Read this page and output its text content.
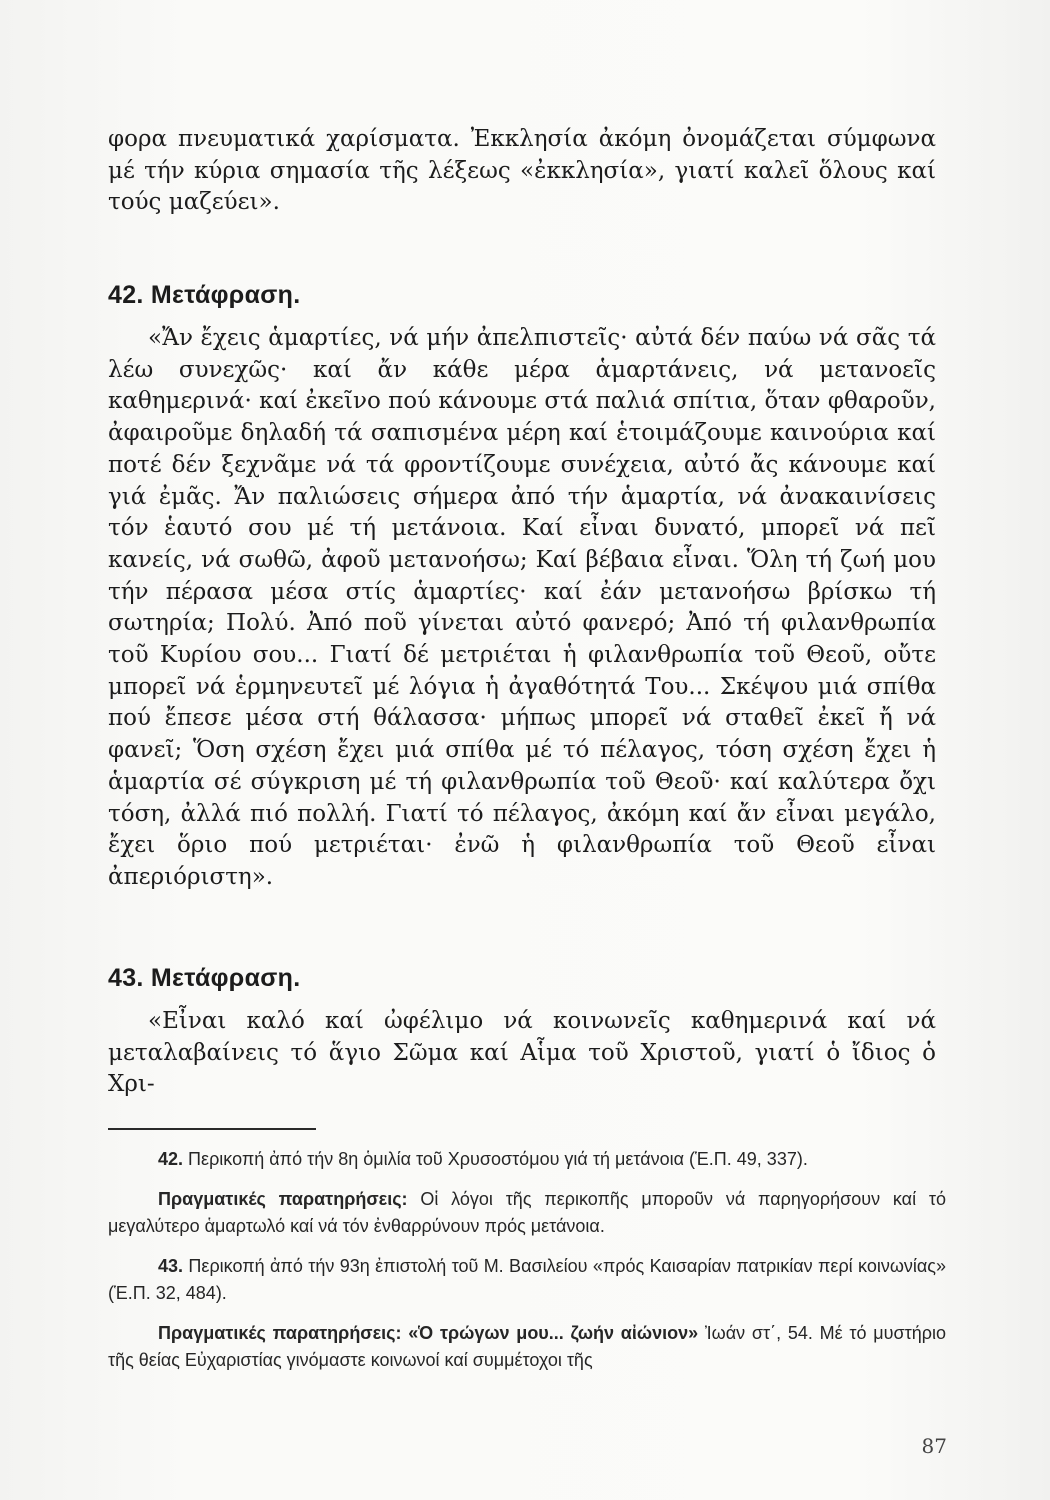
φορα πνευματικά χαρίσματα. Ἐκκλησία ἀκόμη ὀνομάζεται σύμφωνα μέ τήν κύρια σημασία τῆς λέξεως «ἐκκλησία», γιατί καλεῖ ὅλους καί τούς μαζεύει».

42. Μετάφραση.

«Ἄν ἔχεις ἁμαρτίες, νά μήν ἀπελπιστεῖς· αὐτά δέν παύω νά σᾶς τά λέω συνεχῶς· καί ἄν κάθε μέρα ἁμαρτάνεις, νά μετανοεῖς καθημερινά· καί ἐκεῖνο πού κάνουμε στά παλιά σπίτια, ὅταν φθαροῦν, ἀφαιροῦμε δηλαδή τά σαπισμένα μέρη καί ἑτοιμάζουμε καινούρια καί ποτέ δέν ξεχνᾶμε νά τά φροντίζουμε συνέχεια, αὐτό ἄς κάνουμε καί γιά ἐμᾶς. Ἄν παλιώσεις σήμερα ἀπό τήν ἁμαρτία, νά ἀνακαινίσεις τόν ἑαυτό σου μέ τή μετάνοια. Καί εἶναι δυνατό, μπορεῖ νά πεῖ κανείς, νά σωθῶ, ἀφοῦ μετανοήσω; Καί βέβαια εἶναι. Ὅλη τή ζωή μου τήν πέρασα μέσα στίς ἁμαρτίες· καί ἐάν μετανοήσω βρίσκω τή σωτηρία; Πολύ. Ἀπό ποῦ γίνεται αὐτό φανερό; Ἀπό τή φιλανθρωπία τοῦ Κυρίου σου... Γιατί δέ μετριέται ἡ φιλανθρωπία τοῦ Θεοῦ, οὔτε μπορεῖ νά ἑρμηνευτεῖ μέ λόγια ἡ ἀγαθότητά Του... Σκέψου μιά σπίθα πού ἔπεσε μέσα στή θάλασσα· μήπως μπορεῖ νά σταθεῖ ἐκεῖ ἤ νά φανεῖ; Ὅση σχέση ἔχει μιά σπίθα μέ τό πέλαγος, τόση σχέση ἔχει ἡ ἁμαρτία σέ σύγκριση μέ τή φιλανθρωπία τοῦ Θεοῦ· καί καλύτερα ὄχι τόση, ἀλλά πιό πολλή. Γιατί τό πέλαγος, ἀκόμη καί ἄν εἶναι μεγάλο, ἔχει ὅριο πού μετριέται· ἐνῶ ἡ φιλανθρωπία τοῦ Θεοῦ εἶναι ἀπεριόριστη».

43. Μετάφραση.

«Εἶναι καλό καί ὠφέλιμο νά κοινωνεῖς καθημερινά καί νά μεταλαβαίνεις τό ἅγιο Σῶμα καί Αἷμα τοῦ Χριστοῦ, γιατί ὁ ἴδιος ὁ Χρι-

42. Περικοπή ἀπό τήν 8η ὁμιλία τοῦ Χρυσοστόμου γιά τή μετάνοια (Ἑ.Π. 49, 337).

Πραγματικές παρατηρήσεις: Οἱ λόγοι τῆς περικοπῆς μποροῦν νά παρηγορήσουν καί τό μεγαλύτερο ἁμαρτωλό καί νά τόν ἐνθαρρύνουν πρός μετάνοια.

43. Περικοπή ἀπό τήν 93η ἐπιστολή τοῦ Μ. Βασιλείου «πρός Καισαρίαν πατρικίαν περί κοινωνίας» (Ἑ.Π. 32, 484).

Πραγματικές παρατηρήσεις: «Ὁ τρώγων μου... ζωήν αἰώνιον» Ἰωάν στ΄, 54. Μέ τό μυστήριο τῆς θείας Εὐχαριστίας γινόμαστε κοινωνοί καί συμμέτοχοι τῆς

87
